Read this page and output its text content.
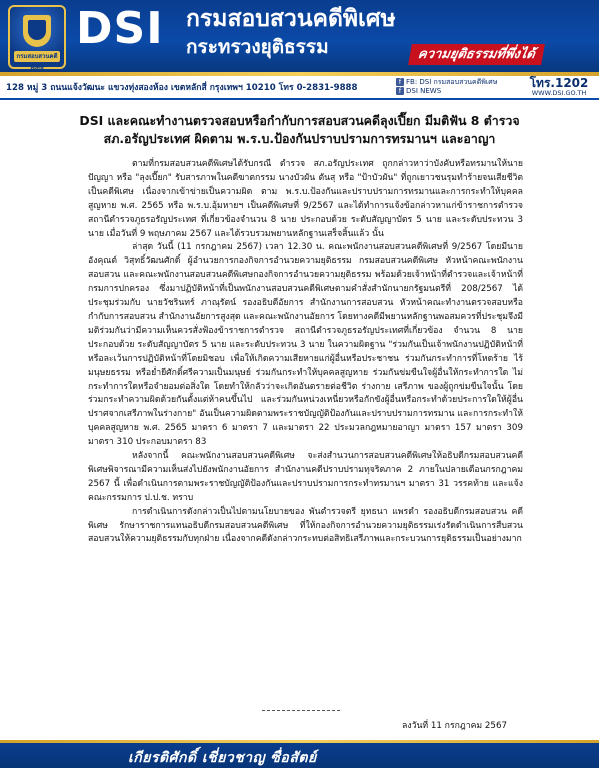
กรมสอบสวนคดีพิเศษ
DSI กรมสอบสวนคดีพิเศษ
กระทรวงยุติธรรม	ความยุติธรรมที่พึ่งได้
128 หมู่ 3 ถนนแจ้งวัฒนะ แขวงทุ่งสองห้อง เขตหลักสี่ กรุงเทพฯ 10210 โทร 0-2831-9888
f FB: DSI กรมสอบสวนคดีพิเศษ
f DSI NEWS
โทร.1202
WWW.DSI.GO.TH
DSI และคณะทำงานตรวจสอบหรือกำกับการสอบสวนคดีลุงเปี๊ยก มีมติฟัน 8 ตำรวจ
สภ.อรัญประเทศ ผิดตาม พ.ร.บ.ป้องกันปราบปรามการทรมานฯ และอาญา

ตามที่กรมสอบสวนคดีพิเศษได้รับกรณี ตำรวจ สภ.อรัญประเทศ ถูกกล่าวหาว่าบังคับหรือทรมานให้นายปัญญา หรือ "ลุงเปี๊ยก" รับสารภาพในคดีฆาตกรรม นางบัวผัน ตันสุ หรือ "ป้าบัวผัน" ที่ถูกเยาวชนรุมทำร้ายจนเสียชีวิตเป็นคดีพิเศษ เนื่องจากเข้าข่ายเป็นความผิด ตาม พ.ร.บ.ป้องกันและปราบปรามการทรมานและการกระทำให้บุคคลสูญหาย พ.ศ. 2565 หรือ พ.ร.บ.อุ้มหายฯ เป็นคดีพิเศษที่ 9/2567 และได้ทำการแจ้งข้อกล่าวหาแก่ข้าราชการตำรวจ สถานีตำรวจภูธรอรัญประเทศ ที่เกี่ยวข้องจำนวน 8 นาย ประกอบด้วย ระดับสัญญาบัตร 5 นาย และระดับประทวน 3 นาย เมื่อวันที่ 9 พฤษภาคม 2567 และได้รวบรวมพยานหลักฐานเสร็จสิ้นแล้ว นั้น

ล่าสุด วันนี้ (11 กรกฎาคม 2567) เวลา 12.30 น. คณะพนักงานสอบสวนคดีพิเศษที่ 9/2567 โดยมีนายอังคุณต์ วิสุทธิ์วัฒนศักดิ์ ผู้อำนวยการกองกิจการอำนวยความยุติธรรม กรมสอบสวนคดีพิเศษ หัวหน้าคณะพนักงานสอบสวน และคณะพนักงานสอบสวนคดีพิเศษกองกิจการอำนวยความยุติธรรม พร้อมด้วยเจ้าหน้าที่ตำรวจและเจ้าหน้าที่กรมการปกครอง ซึ่งมาปฏิบัติหน้าที่เป็นพนักงานสอบสวนคดีพิเศษตามคำสั่งสำนักนายกรัฐมนตรีที่ 208/2567 ได้ประชุมร่วมกับ นายวัชรินทร์ ภาณุรัตน์ รองอธิบดีอัยการ สำนักงานการสอบสวน หัวหน้าคณะทำงานตรวจสอบหรือกำกับการสอบสวน สำนักงานอัยการสูงสุด และคณะพนักงานอัยการ โดยทางคดีมีพยานหลักฐานพอสมควรที่ประชุมจึงมีมติร่วมกันว่ามีความเห็นควรสั่งฟ้องข้าราชการตำรวจ สถานีตำรวจภูธรอรัญประเทศที่เกี่ยวข้อง จำนวน 8 นาย ประกอบด้วย ระดับสัญญาบัตร 5 นาย และระดับประทวน 3 นาย ในความผิดฐาน "ร่วมกันเป็นเจ้าพนักงานปฏิบัติหน้าที่หรือละเว้นการปฏิบัติหน้าที่โดยมิชอบ เพื่อให้เกิดความเสียหายแก่ผู้อื่นหรือประชาชน ร่วมกันกระทำการที่โหดร้าย ไร้มนุษยธรรม หรือย่ำยีศักดิ์ศรีความเป็นมนุษย์ ร่วมกันกระทำให้บุคคลสูญหาย ร่วมกันข่มขืนใจผู้อื่นให้กระทำการใด ไม่กระทำการใดหรือจำยอมต่อสิ่งใด โดยทำให้กลัวว่าจะเกิดอันตรายต่อชีวิต ร่างกาย เสรีภาพ ของผู้ถูกข่มขืนใจนั้น โดยร่วมกระทำความผิดด้วยกันตั้งแต่ห้าคนขึ้นไป และร่วมกันหน่วงเหนี่ยวหรือกักขังผู้อื่นหรือกระทำด้วยประการใดให้ผู้อื่นปราศจากเสรีภาพในร่างกาย" อันเป็นความผิดตามพระราชบัญญัติป้องกันและปราบปรามการทรมาน และการกระทำให้บุคคลสูญหาย พ.ศ. 2565 มาตรา 6 มาตรา 7 และมาตรา 22 ประมวลกฎหมายอาญา มาตรา 157 มาตรา 309 มาตรา 310 ประกอบมาตรา 83

หลังจากนี้ คณะพนักงานสอบสวนคดีพิเศษ จะส่งสำนวนการสอบสวนคดีพิเศษให้อธิบดีกรมสอบสวนคดีพิเศษพิจารณามีความเห็นส่งไปยังพนักงานอัยการ สำนักงานคดีปราบปรามทุจริตภาค 2 ภายในปลายเดือนกรกฎาคม 2567 นี้ เพื่อดำเนินการตามพระราชบัญญัติป้องกันและปราบปรามการกระทำทรมานฯ มาตรา 31 วรรคท้าย และแจ้งคณะกรรมการ ป.ป.ช. ทราบ

การดำเนินการดังกล่าวเป็นไปตามนโยบายของ พันตำรวจตรี ยุทธนา แพรดำ รองอธิบดีกรมสอบสวน คดีพิเศษ รักษาราชการแทนอธิบดีกรมสอบสวนคดีพิเศษ ที่ให้กองกิจการอำนวยความยุติธรรมเร่งรัดดำเนินการสืบสวนสอบสวนให้ความยุติธรรมกับทุกฝ่าย เนื่องจากคดีดังกล่าวกระทบต่อสิทธิเสรีภาพและกระบวนการยุติธรรมเป็นอย่างมาก

ลงวันที่ 11 กรกฎาคม 2567
เกียรติศักดิ์ เชี่ยวชาญ ซื่อสัตย์
